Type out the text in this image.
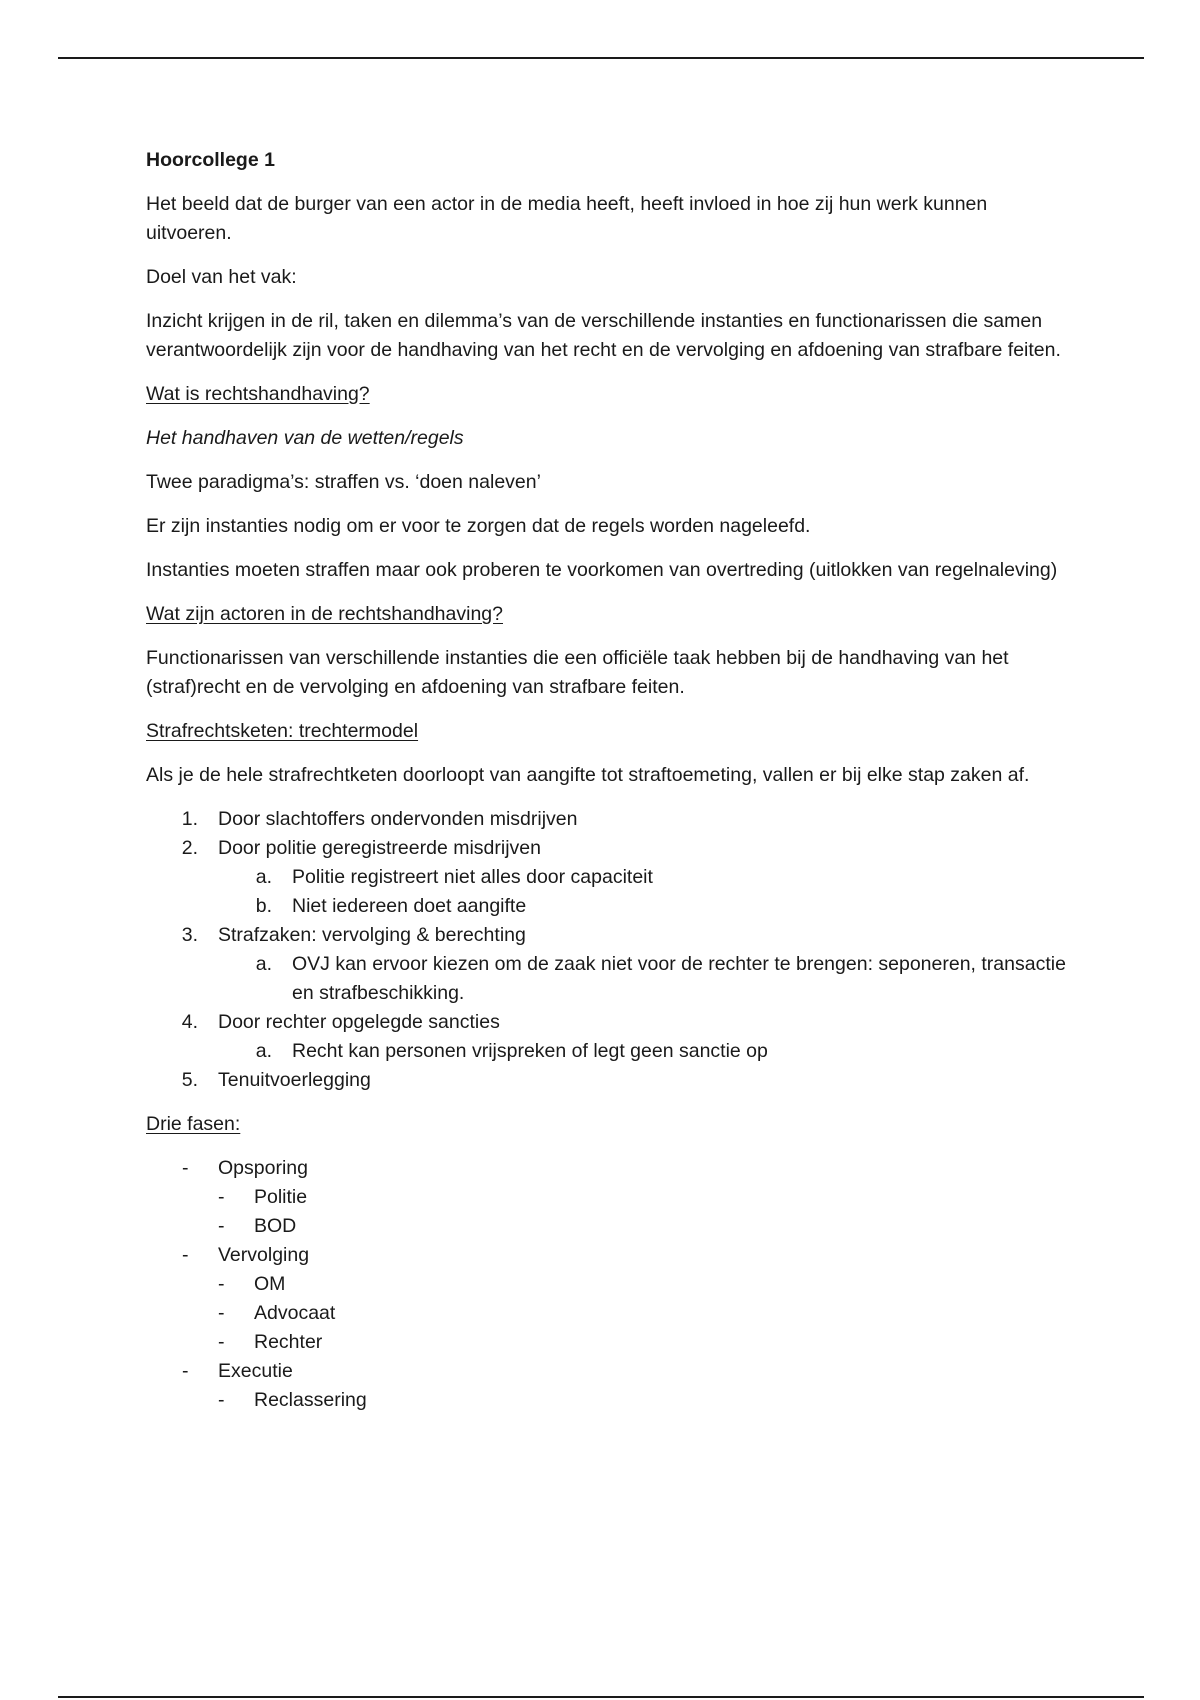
Hoorcollege 1

Het beeld dat de burger van een actor in de media heeft, heeft invloed in hoe zij hun werk kunnen uitvoeren.

Doel van het vak:

Inzicht krijgen in de ril, taken en dilemma’s van de verschillende instanties en functionarissen die samen verantwoordelijk zijn voor de handhaving van het recht en de vervolging en afdoening van strafbare feiten.

Wat is rechtshandhaving?

Het handhaven van de wetten/regels

Twee paradigma’s: straffen vs. ‘doen naleven’

Er zijn instanties nodig om er voor te zorgen dat de regels worden nageleefd.

Instanties moeten straffen maar ook proberen te voorkomen van overtreding (uitlokken van regelnaleving)

Wat zijn actoren in de rechtshandhaving?

Functionarissen van verschillende instanties die een officiële taak hebben bij de handhaving van het (straf)recht en de vervolging en afdoening van strafbare feiten.

Strafrechtsketen: trechtermodel

Als je de hele strafrechtketen doorloopt van aangifte tot straftoemeting, vallen er bij elke stap zaken af.

1. Door slachtoffers ondervonden misdrijven
2. Door politie geregistreerde misdrijven
a. Politie registreert niet alles door capaciteit
b. Niet iedereen doet aangifte
3. Strafzaken: vervolging & berechting
a. OVJ kan ervoor kiezen om de zaak niet voor de rechter te brengen: seponeren, transactie en strafbeschikking.
4. Door rechter opgelegde sancties
a. Recht kan personen vrijspreken of legt geen sanctie op
5. Tenuitvoerlegging

Drie fasen:

- Opsporing
- Politie
- BOD
- Vervolging
- OM
- Advocaat
- Rechter
- Executie
- Reclassering
